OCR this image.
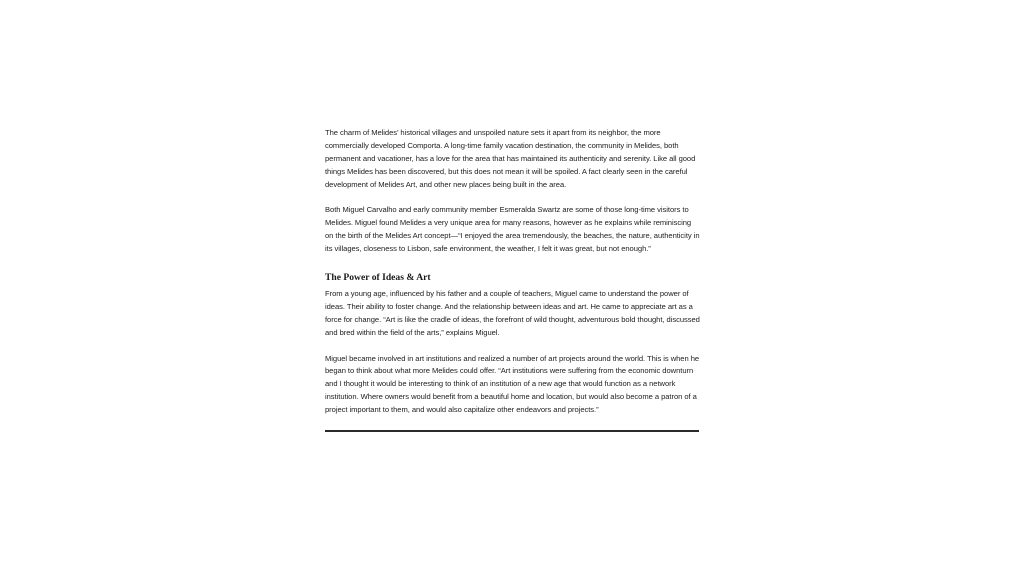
The charm of Melides’ historical villages and unspoiled nature sets it apart from its neighbor, the more commercially developed Comporta. A long-time family vacation destination, the community in Melides, both permanent and vacationer, has a love for the area that has maintained its authenticity and serenity. Like all good things Melides has been discovered, but this does not mean it will be spoiled. A fact clearly seen in the careful development of Melides Art, and other new places being built in the area.

Both Miguel Carvalho and early community member Esmeralda Swartz are some of those long-time visitors to Melides. Miguel found Melides a very unique area for many reasons, however as he explains while reminiscing on the birth of the Melides Art concept—“I enjoyed the area tremendously, the beaches, the nature, authenticity in its villages, closeness to Lisbon, safe environment, the weather, I felt it was great, but not enough.”

The Power of Ideas & Art

From a young age, influenced by his father and a couple of teachers, Miguel came to understand the power of ideas. Their ability to foster change. And the relationship between ideas and art. He came to appreciate art as a force for change. “Art is like the cradle of ideas, the forefront of wild thought, adventurous bold thought, discussed and bred within the field of the arts,” explains Miguel.

Miguel became involved in art institutions and realized a number of art projects around the world. This is when he began to think about what more Melides could offer. “Art institutions were suffering from the economic downturn and I thought it would be interesting to think of an institution of a new age that would function as a network institution. Where owners would benefit from a beautiful home and location, but would also become a patron of a project important to them, and would also capitalize other endeavors and projects.”
